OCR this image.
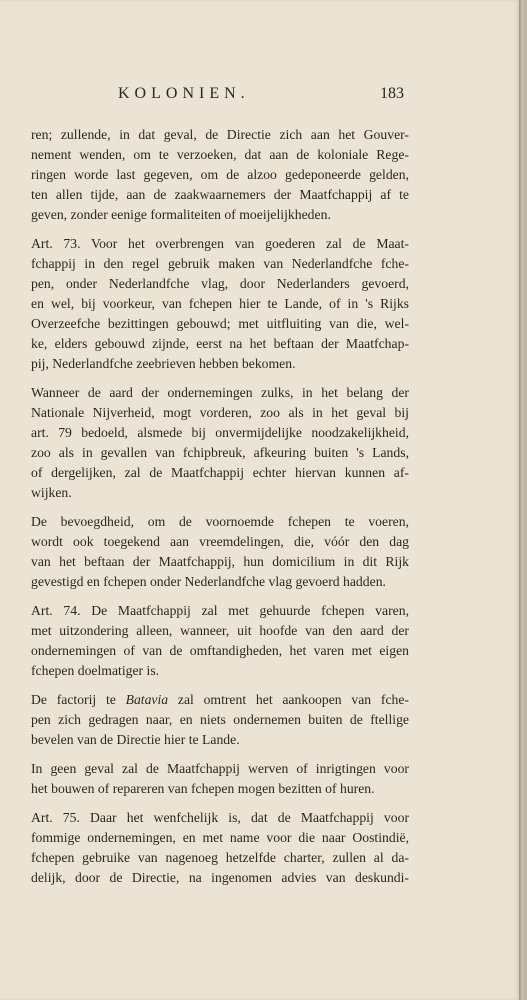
KOLONIEN.	183
ren; zullende, in dat geval, de Directie zich aan het Gouver-
nement wenden, om te verzoeken, dat aan de koloniale Rege-
ringen worde last gegeven, om de alzoo gedeponeerde gelden,
ten allen tijde, aan de zaakwaarnemers der Maatfchappij af te
geven, zonder eenige formaliteiten of moeijelijkheden.
Art. 73. Voor het overbrengen van goederen zal de Maat-
fchappij in den regel gebruik maken van Nederlandfche fche-
pen, onder Nederlandfche vlag, door Nederlanders gevoerd,
en wel, bij voorkeur, van fchepen hier te Lande, of in 's Rijks
Overzeefche bezittingen gebouwd; met uitfluiting van die, wel-
ke, elders gebouwd zijnde, eerst na het beftaan der Maatfchap-
pij, Nederlandfche zeebrieven hebben bekomen.
Wanneer de aard der ondernemingen zulks, in het belang der
Nationale Nijverheid, mogt vorderen, zoo als in het geval bij
art. 79 bedoeld, alsmede bij onvermijdelijke noodzakelijkheid,
zoo als in gevallen van fchipbreuk, afkeuring buiten 's Lands,
of dergelijken, zal de Maatfchappij echter hiervan kunnen af-
wijken.
De bevoegdheid, om de voornoemde fchepen te voeren,
wordt ook toegekend aan vreemdelingen, die, vóór den dag
van het beftaan der Maatfchappij, hun domicilium in dit Rijk
gevestigd en fchepen onder Nederlandfche vlag gevoerd hadden.
Art. 74. De Maatfchappij zal met gehuurde fchepen varen,
met uitzondering alleen, wanneer, uit hoofde van den aard der
ondernemingen of van de omftandigheden, het varen met eigen
fchepen doelmatiger is.
De factorij te Batavia zal omtrent het aankoopen van fche-
pen zich gedragen naar, en niets ondernemen buiten de ftellige
bevelen van de Directie hier te Lande.
In geen geval zal de Maatfchappij werven of inrigtingen voor
het bouwen of repareren van fchepen mogen bezitten of huren.
Art. 75. Daar het wenfchelijk is, dat de Maatfchappij voor
fommige ondernemingen, en met name voor die naar Oostindië,
fchepen gebruike van nagenoeg hetzelfde charter, zullen al da-
delijk, door de Directie, na ingenomen advies van deskundi-
